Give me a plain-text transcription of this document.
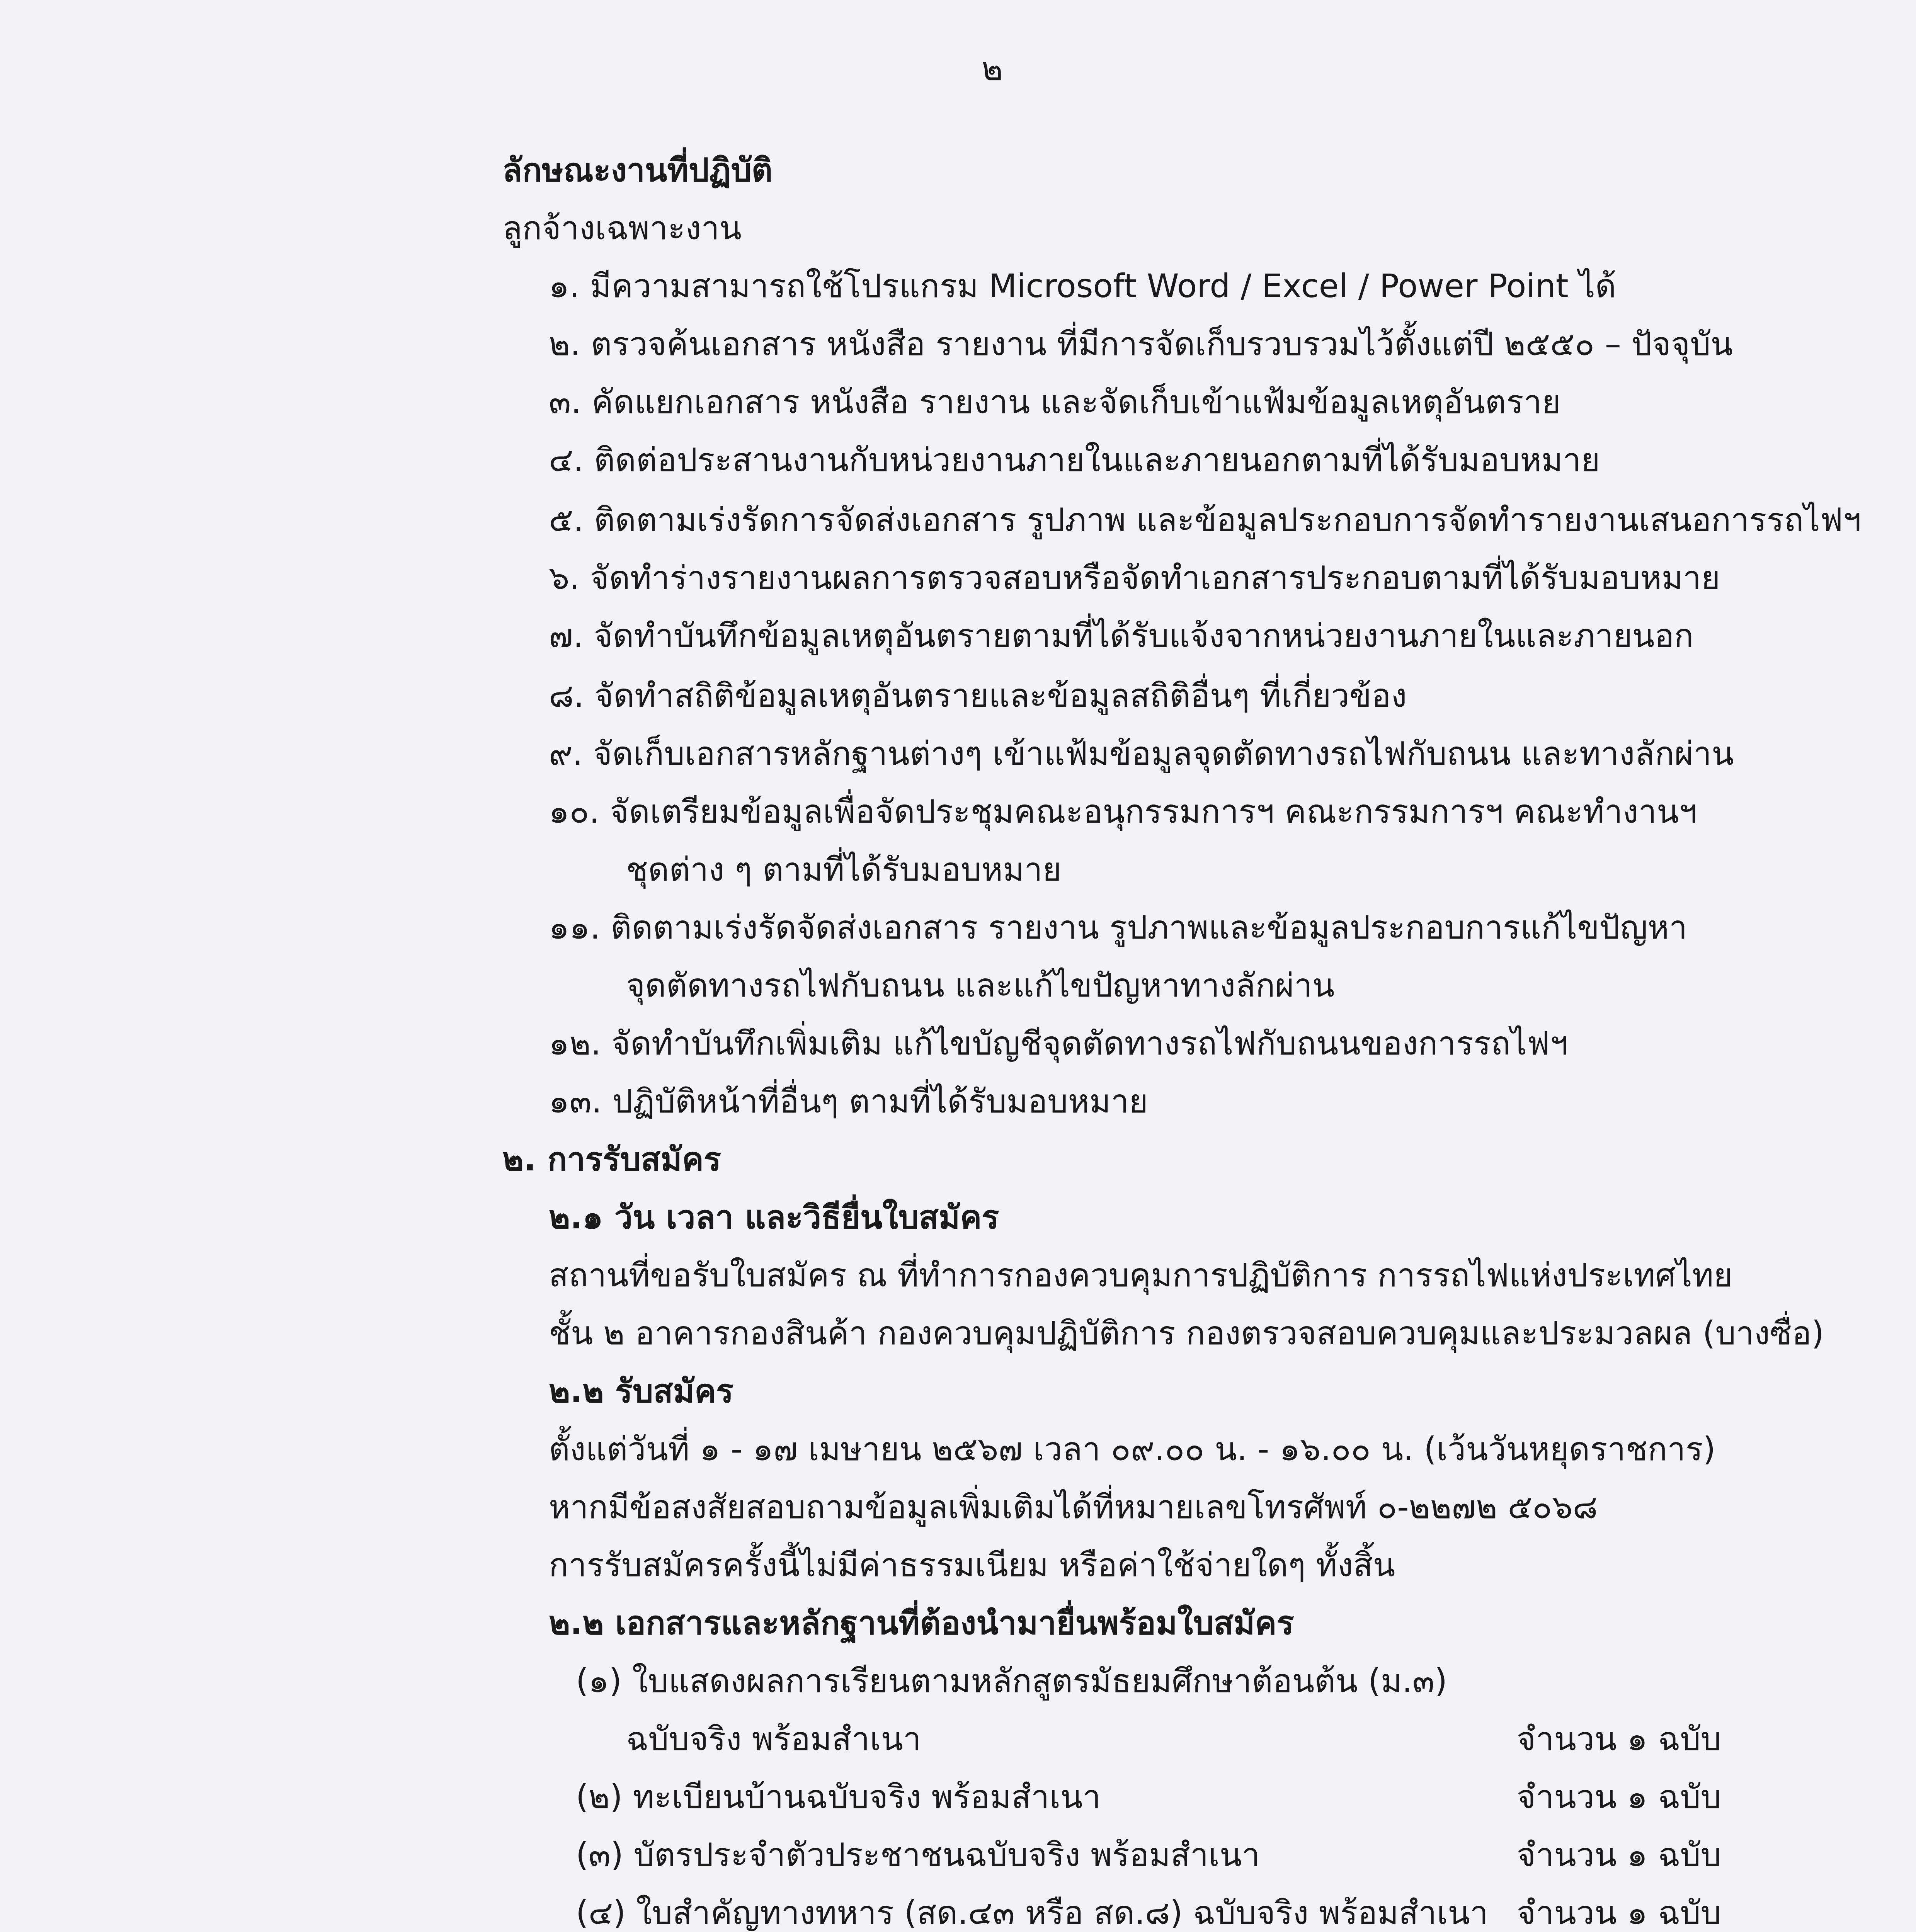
๒
ลักษณะงานที่ปฏิบัติ
ลูกจ้างเฉพาะงาน
๑. มีความสามารถใช้โปรแกรม Microsoft Word / Excel / Power Point ได้
๒. ตรวจค้นเอกสาร หนังสือ รายงาน ที่มีการจัดเก็บรวบรวมไว้ตั้งแต่ปี ๒๕๕๐ – ปัจจุบัน
๓. คัดแยกเอกสาร หนังสือ รายงาน และจัดเก็บเข้าแฟ้มข้อมูลเหตุอันตราย
๔. ติดต่อประสานงานกับหน่วยงานภายในและภายนอกตามที่ได้รับมอบหมาย
๕. ติดตามเร่งรัดการจัดส่งเอกสาร รูปภาพ และข้อมูลประกอบการจัดทำรายงานเสนอการรถไฟฯ
๖. จัดทำร่างรายงานผลการตรวจสอบหรือจัดทำเอกสารประกอบตามที่ได้รับมอบหมาย
๗. จัดทำบันทึกข้อมูลเหตุอันตรายตามที่ได้รับแจ้งจากหน่วยงานภายในและภายนอก
๘. จัดทำสถิติข้อมูลเหตุอันตรายและข้อมูลสถิติอื่นๆ ที่เกี่ยวข้อง
๙. จัดเก็บเอกสารหลักฐานต่างๆ เข้าแฟ้มข้อมูลจุดตัดทางรถไฟกับถนน และทางลักผ่าน
๑๐. จัดเตรียมข้อมูลเพื่อจัดประชุมคณะอนุกรรมการฯ คณะกรรมการฯ คณะทำงานฯ
ชุดต่าง ๆ ตามที่ได้รับมอบหมาย
๑๑. ติดตามเร่งรัดจัดส่งเอกสาร รายงาน รูปภาพและข้อมูลประกอบการแก้ไขปัญหา
จุดตัดทางรถไฟกับถนน และแก้ไขปัญหาทางลักผ่าน
๑๒. จัดทำบันทึกเพิ่มเติม แก้ไขบัญชีจุดตัดทางรถไฟกับถนนของการรถไฟฯ
๑๓. ปฏิบัติหน้าที่อื่นๆ ตามที่ได้รับมอบหมาย
๒. การรับสมัคร
๒.๑ วัน เวลา และวิธียื่นใบสมัคร
สถานที่ขอรับใบสมัคร ณ ที่ทำการกองควบคุมการปฏิบัติการ การรถไฟแห่งประเทศไทย
ชั้น ๒ อาคารกองสินค้า กองควบคุมปฏิบัติการ กองตรวจสอบควบคุมและประมวลผล (บางซื่อ)
๒.๒ รับสมัคร
ตั้งแต่วันที่ ๑ - ๑๗ เมษายน ๒๕๖๗ เวลา ๐๙.๐๐ น. - ๑๖.๐๐ น. (เว้นวันหยุดราชการ)
หากมีข้อสงสัยสอบถามข้อมูลเพิ่มเติมได้ที่หมายเลขโทรศัพท์ ๐-๒๒๗๒ ๕๐๖๘
การรับสมัครครั้งนี้ไม่มีค่าธรรมเนียม หรือค่าใช้จ่ายใดๆ ทั้งสิ้น
๒.๒ เอกสารและหลักฐานที่ต้องนำมายื่นพร้อมใบสมัคร
(๑) ใบแสดงผลการเรียนตามหลักสูตรมัธยมศึกษาต้อนต้น (ม.๓)
ฉบับจริง พร้อมสำเนา	จำนวน ๑ ฉบับ
(๒) ทะเบียนบ้านฉบับจริง พร้อมสำเนา	จำนวน ๑ ฉบับ
(๓) บัตรประจำตัวประชาชนฉบับจริง พร้อมสำเนา	จำนวน ๑ ฉบับ
(๔) ใบสำคัญทางทหาร (สด.๔๓ หรือ สด.๘) ฉบับจริง พร้อมสำเนา จำนวน ๑ ฉบับ
